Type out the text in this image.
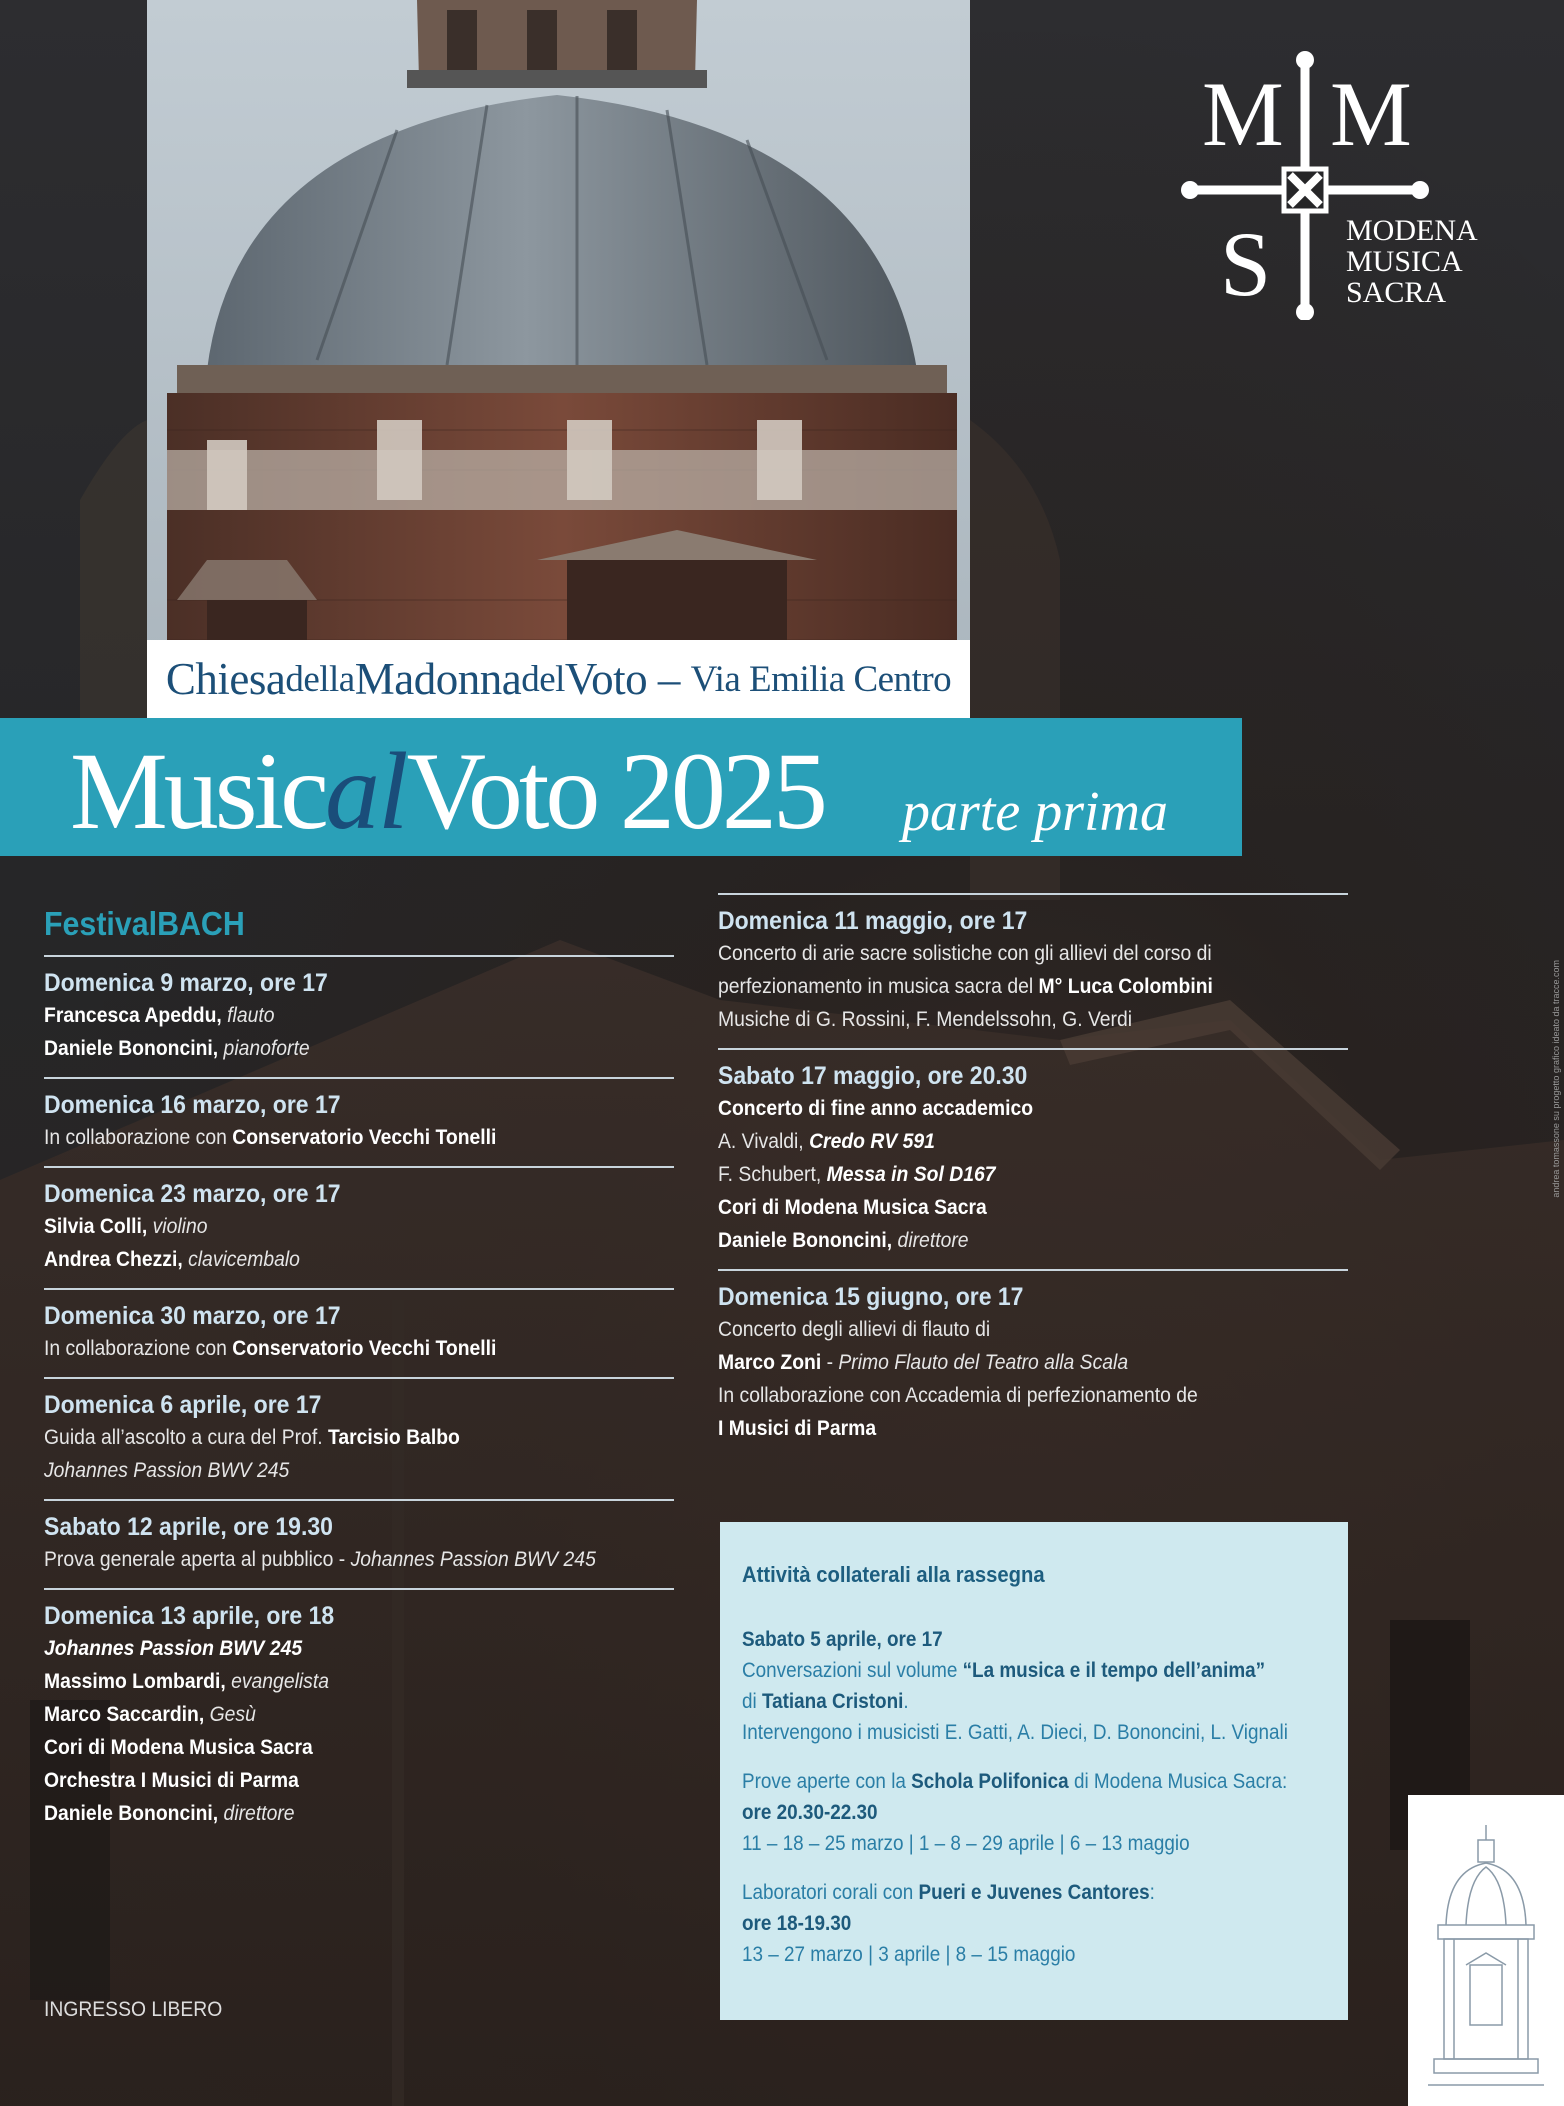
Chiesa della Madonna del Voto – Via Emilia Centro
MusicalVoto 2025 parte prima
M M
S MODENA
MUSICA
SACRA
andrea tomassone su progetto grafico ideato da tracce.com
FestivalBACH
Domenica 9 marzo, ore 17
Francesca Apeddu, flauto
Daniele Bononcini, pianoforte
Domenica 16 marzo, ore 17
In collaborazione con Conservatorio Vecchi Tonelli
Domenica 23 marzo, ore 17
Silvia Colli, violino
Andrea Chezzi, clavicembalo
Domenica 30 marzo, ore 17
In collaborazione con Conservatorio Vecchi Tonelli
Domenica 6 aprile, ore 17
Guida all’ascolto a cura del Prof. Tarcisio Balbo
Johannes Passion BWV 245
Sabato 12 aprile, ore 19.30
Prova generale aperta al pubblico - Johannes Passion BWV 245
Domenica 13 aprile, ore 18
Johannes Passion BWV 245
Massimo Lombardi, evangelista
Marco Saccardin, Gesù
Cori di Modena Musica Sacra
Orchestra I Musici di Parma
Daniele Bononcini, direttore
Domenica 11 maggio, ore 17
Concerto di arie sacre solistiche con gli allievi del corso di
perfezionamento in musica sacra del M° Luca Colombini
Musiche di G. Rossini, F. Mendelssohn, G. Verdi
Sabato 17 maggio, ore 20.30
Concerto di fine anno accademico
A. Vivaldi, Credo RV 591
F. Schubert, Messa in Sol D167
Cori di Modena Musica Sacra
Daniele Bononcini, direttore
Domenica 15 giugno, ore 17
Concerto degli allievi di flauto di
Marco Zoni - Primo Flauto del Teatro alla Scala
In collaborazione con Accademia di perfezionamento de
I Musici di Parma
INGRESSO LIBERO
Attività collaterali alla rassegna
Sabato 5 aprile, ore 17
Conversazioni sul volume “La musica e il tempo dell’anima”
di Tatiana Cristoni.
Intervengono i musicisti E. Gatti, A. Dieci, D. Bononcini, L. Vignali
Prove aperte con la Schola Polifonica di Modena Musica Sacra:
ore 20.30-22.30
11 – 18 – 25 marzo | 1 – 8 – 29 aprile | 6 – 13 maggio
Laboratori corali con Pueri e Juvenes Cantores:
ore 18-19.30
13 – 27 marzo | 3 aprile | 8 – 15 maggio
